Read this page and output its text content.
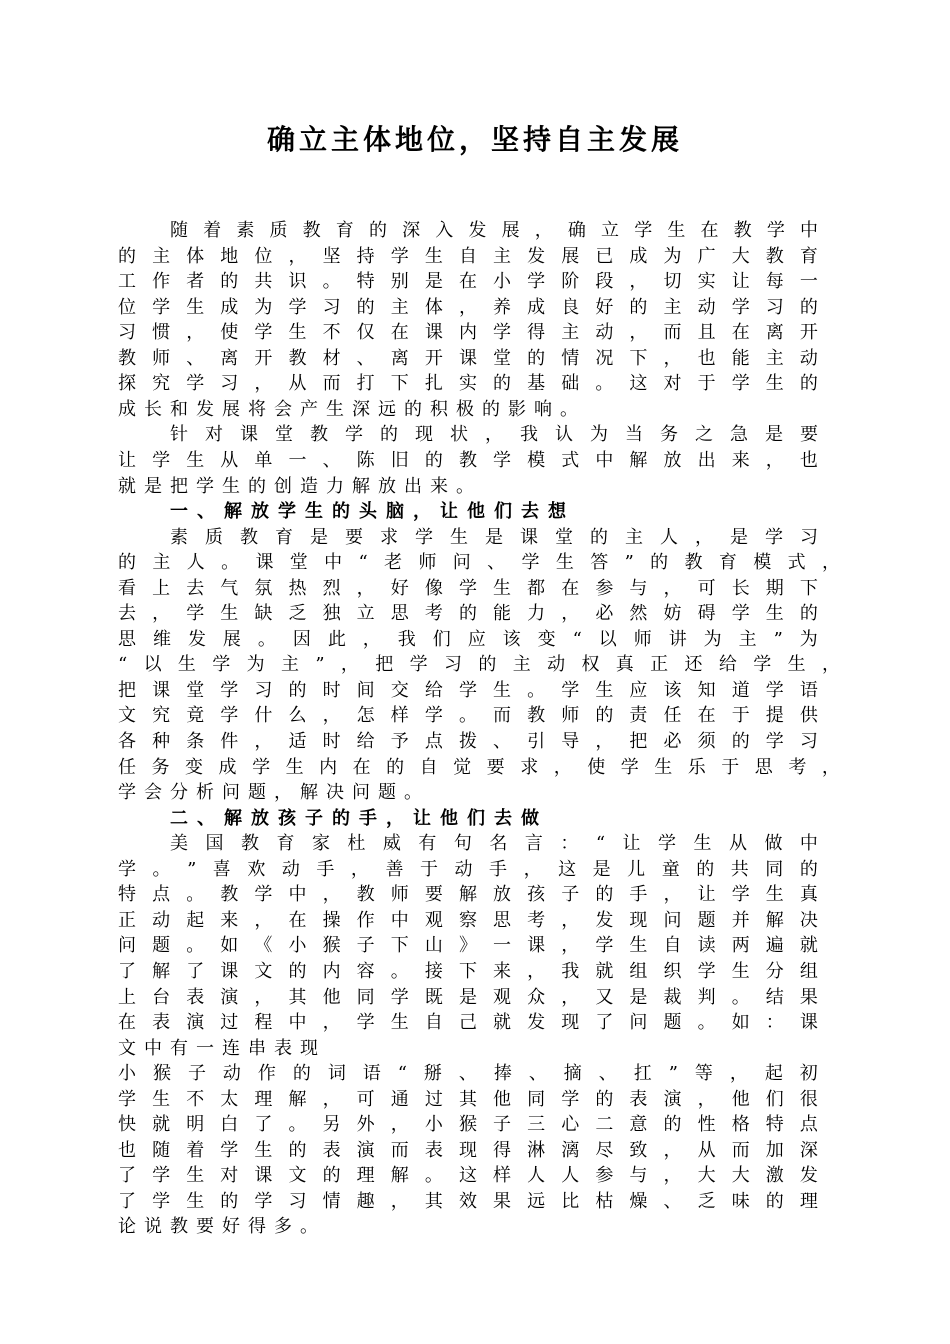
确立主体地位，坚持自主发展
随 着 素 质 教 育 的 深 入 发 展 ， 确 立 学 生 在 教 学 中
的 主 体 地 位 ， 坚 持 学 生 自 主 发 展 已 成 为 广 大 教 育
工 作 者 的 共 识 。 特 别 是 在 小 学 阶 段 ， 切 实 让 每 一
位 学 生 成 为 学 习 的 主 体 ， 养 成 良 好 的 主 动 学 习 的
习 惯 ， 使 学 生 不 仅 在 课 内 学 得 主 动 ， 而 且 在 离 开
教 师 、 离 开 教 材 、 离 开 课 堂 的 情 况 下 ， 也 能 主 动
探 究 学 习 ， 从 而 打 下 扎 实 的 基 础 。 这 对 于 学 生 的
成 长 和 发 展 将 会 产 生 深 远 的 积 极 的 影 响 。
针 对 课 堂 教 学 的 现 状 ， 我 认 为 当 务 之 急 是 要
让 学 生 从 单 一 、 陈 旧 的 教 学 模 式 中 解 放 出 来 ， 也
就 是 把 学 生 的 创 造 力 解 放 出 来 。
一 、 解 放 学 生 的 头 脑 ， 让 他 们 去 想
素 质 教 育 是 要 求 学 生 是 课 堂 的 主 人 ， 是 学 习
的 主 人 。 课 堂 中 “ 老 师 问 、 学 生 答 ” 的 教 育 模 式 ，
看 上 去 气 氛 热 烈 ， 好 像 学 生 都 在 参 与 ， 可 长 期 下
去 ， 学 生 缺 乏 独 立 思 考 的 能 力 ， 必 然 妨 碍 学 生 的
思 维 发 展 。 因 此 ， 我 们 应 该 变 “ 以 师 讲 为 主 ” 为
“ 以 生 学 为 主 ” ， 把 学 习 的 主 动 权 真 正 还 给 学 生 ，
把 课 堂 学 习 的 时 间 交 给 学 生 。 学 生 应 该 知 道 学 语
文 究 竟 学 什 么 ， 怎 样 学 。 而 教 师 的 责 任 在 于 提 供
各 种 条 件 ， 适 时 给 予 点 拨 、 引 导 ， 把 必 须 的 学 习
任 务 变 成 学 生 内 在 的 自 觉 要 求 ， 使 学 生 乐 于 思 考 ，
学 会 分 析 问 题 ， 解 决 问 题 。
二 、 解 放 孩 子 的 手 ， 让 他 们 去 做
美 国 教 育 家 杜 威 有 句 名 言 ： “ 让 学 生 从 做 中
学 。 ” 喜 欢 动 手 ， 善 于 动 手 ， 这 是 儿 童 的 共 同 的
特 点 。 教 学 中 ， 教 师 要 解 放 孩 子 的 手 ， 让 学 生 真
正 动 起 来 ， 在 操 作 中 观 察 思 考 ， 发 现 问 题 并 解 决
问 题 。 如 《 小 猴 子 下 山 》 一 课 ， 学 生 自 读 两 遍 就
了 解 了 课 文 的 内 容 。 接 下 来 ， 我 就 组 织 学 生 分 组
上 台 表 演 ， 其 他 同 学 既 是 观 众 ， 又 是 裁 判 。 结 果
在 表 演 过 程 中 ， 学 生 自 己 就 发 现 了 问 题 。 如 ： 课
文 中 有 一 连 串 表 现
小 猴 子 动 作 的 词 语 “ 掰 、 捧 、 摘 、 扛 ” 等 ， 起 初
学 生 不 太 理 解 ， 可 通 过 其 他 同 学 的 表 演 ， 他 们 很
快 就 明 白 了 。 另 外 ， 小 猴 子 三 心 二 意 的 性 格 特 点
也 随 着 学 生 的 表 演 而 表 现 得 淋 漓 尽 致 ， 从 而 加 深
了 学 生 对 课 文 的 理 解 。 这 样 人 人 参 与 ， 大 大 激 发
了 学 生 的 学 习 情 趣 ， 其 效 果 远 比 枯 燥 、 乏 味 的 理
论 说 教 要 好 得 多 。
